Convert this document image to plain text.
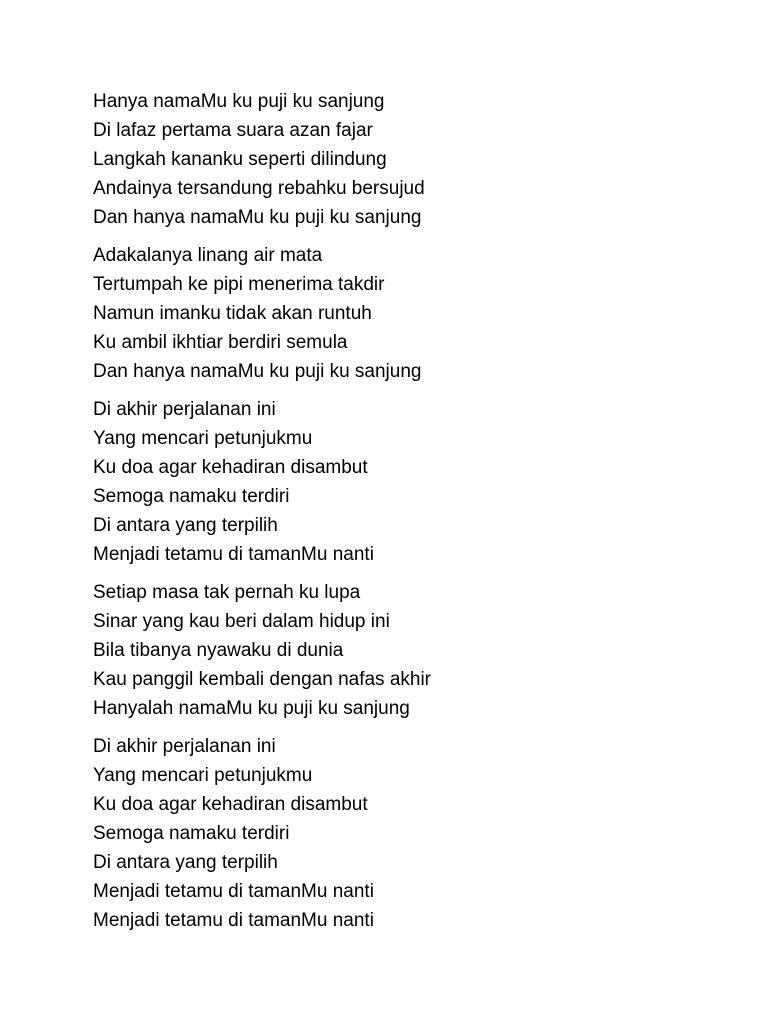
Hanya namaMu ku puji ku sanjung
Di lafaz pertama suara azan fajar
Langkah kananku seperti dilindung
Andainya tersandung rebahku bersujud
Dan hanya namaMu ku puji ku sanjung
Adakalanya linang air mata
Tertumpah ke pipi menerima takdir
Namun imanku tidak akan runtuh
Ku ambil ikhtiar berdiri semula
Dan hanya namaMu ku puji ku sanjung
Di akhir perjalanan ini
Yang mencari petunjukmu
Ku doa agar kehadiran disambut
Semoga namaku terdiri
Di antara yang terpilih
Menjadi tetamu di tamanMu nanti
Setiap masa tak pernah ku lupa
Sinar yang kau beri dalam hidup ini
Bila tibanya nyawaku di dunia
Kau panggil kembali dengan nafas akhir
Hanyalah namaMu ku puji ku sanjung
Di akhir perjalanan ini
Yang mencari petunjukmu
Ku doa agar kehadiran disambut
Semoga namaku terdiri
Di antara yang terpilih
Menjadi tetamu di tamanMu nanti
Menjadi tetamu di tamanMu nanti
